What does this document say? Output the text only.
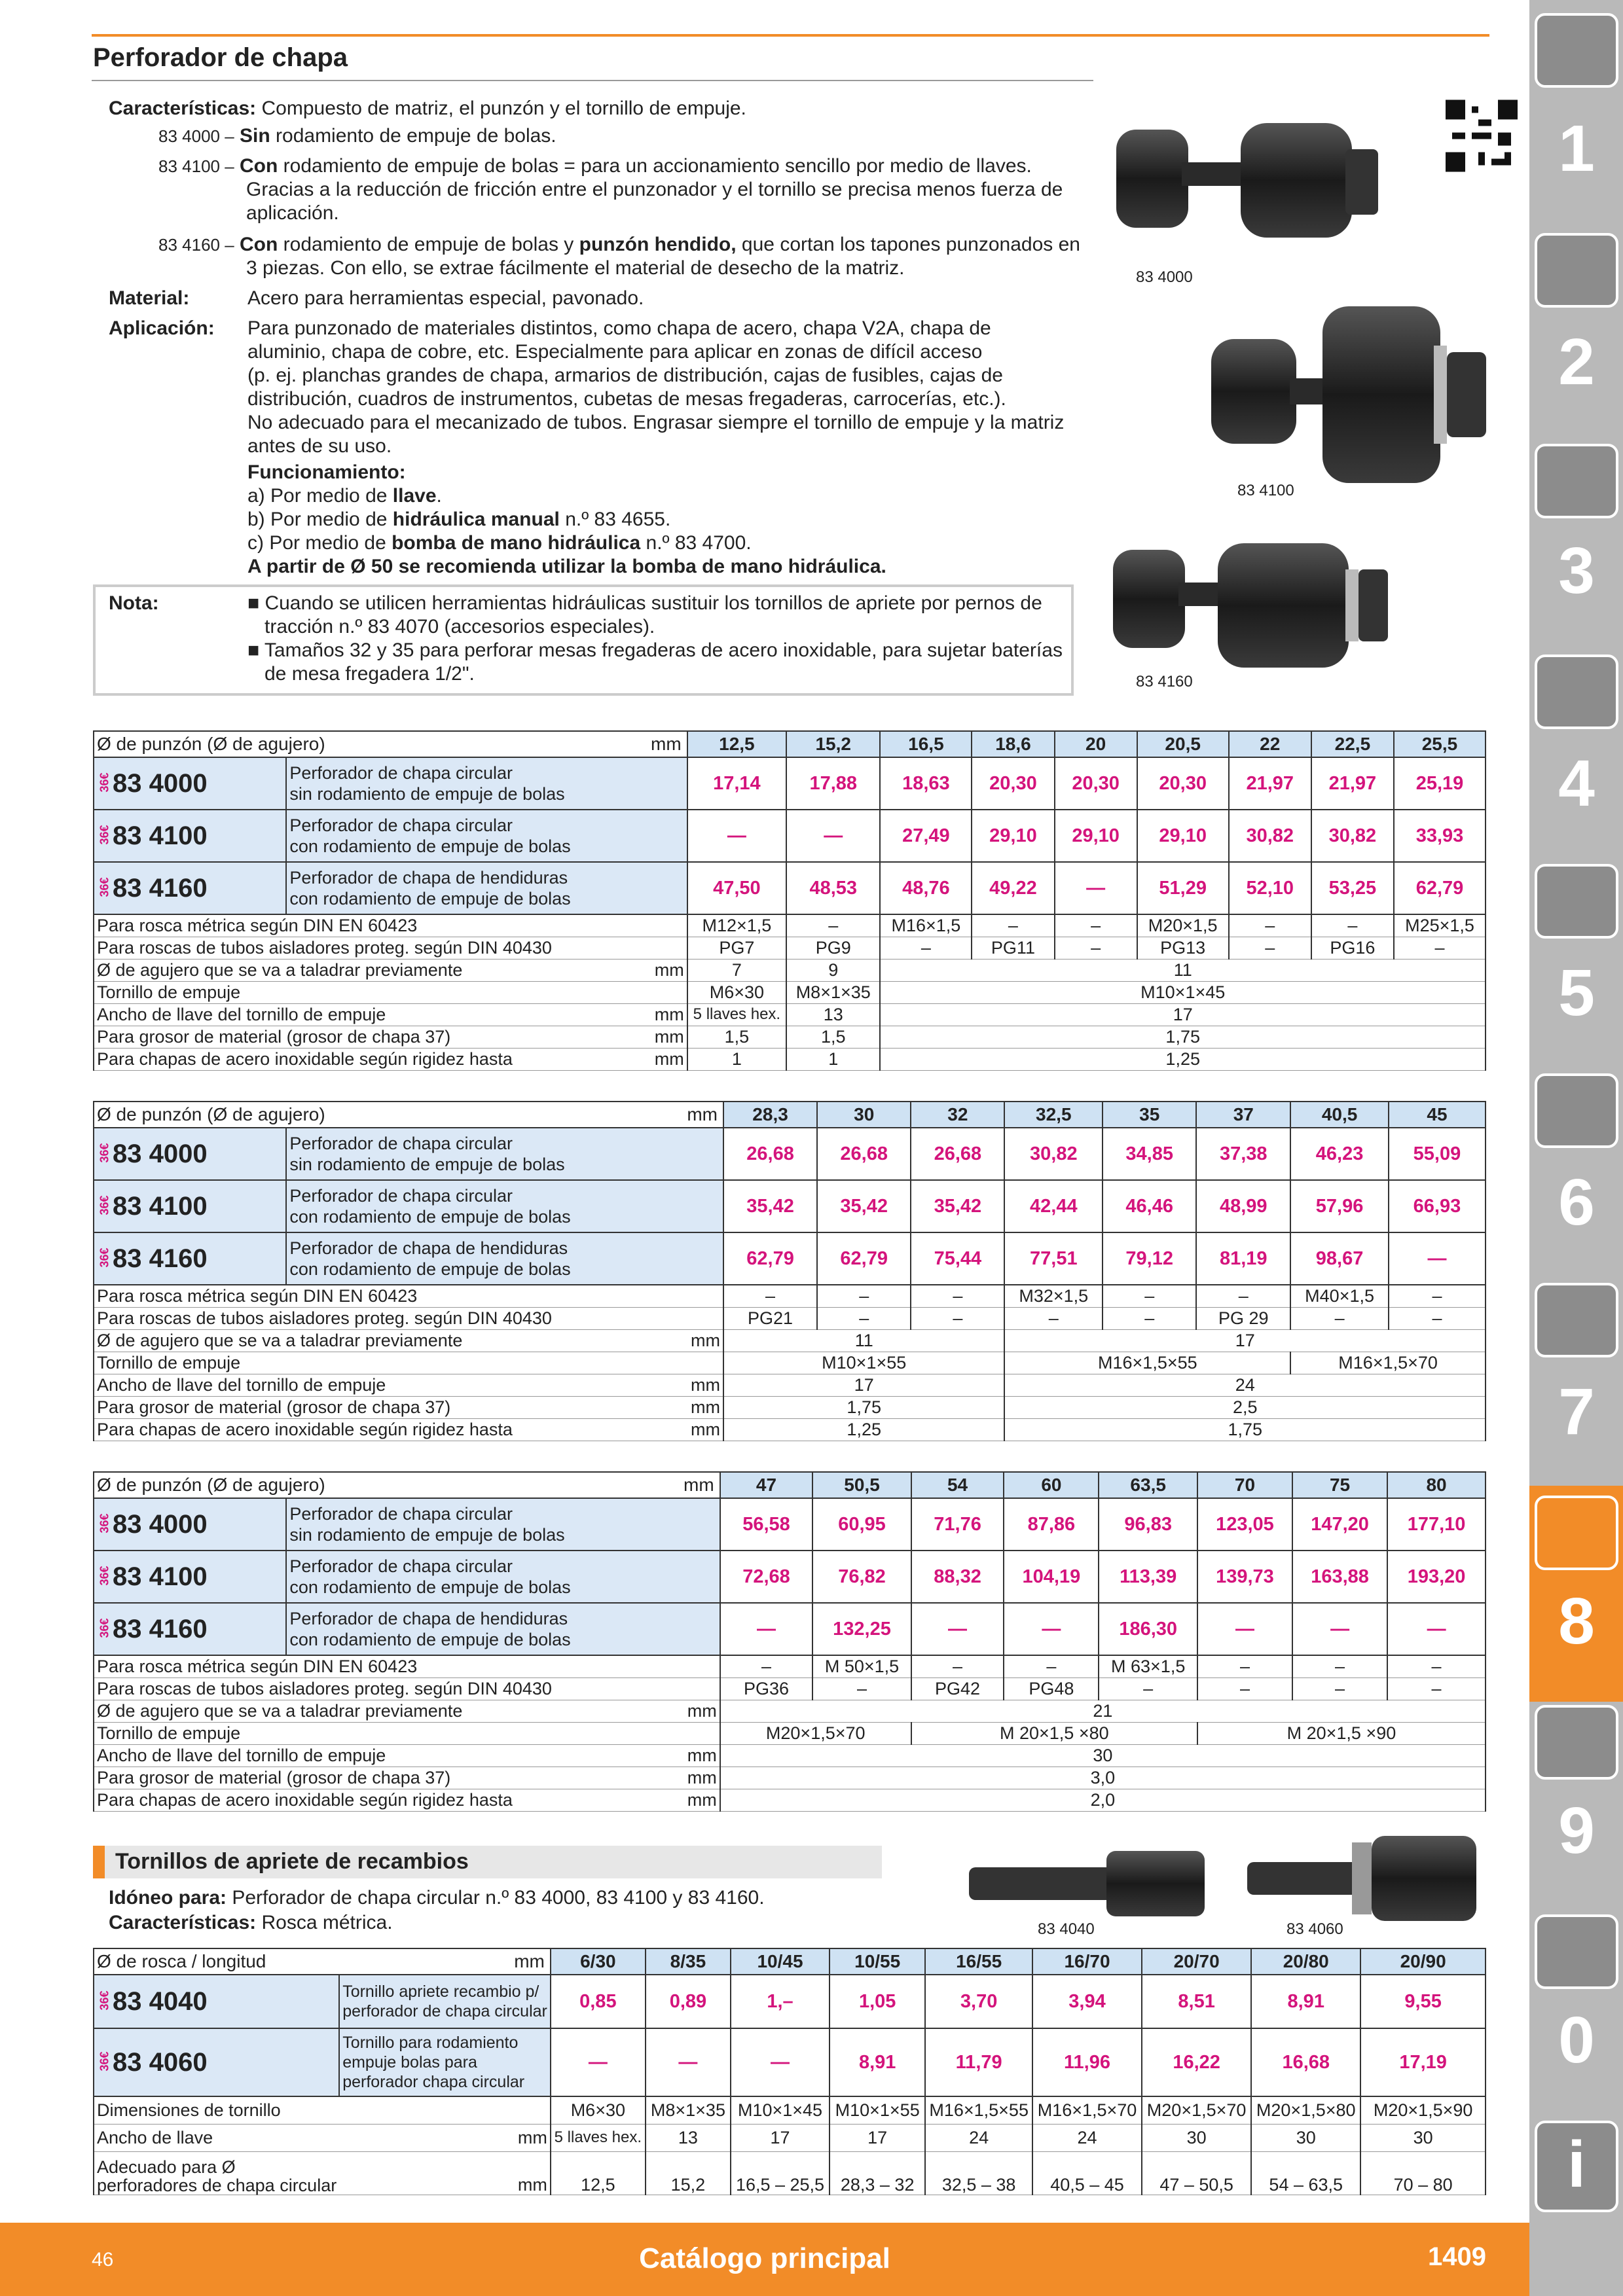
Perforador de chapa
Características: Compuesto de matriz, el punzón y el tornillo de empuje.
83 4000 – Sin rodamiento de empuje de bolas.
83 4100 – Con rodamiento de empuje de bolas = para un accionamiento sencillo por medio de llaves.
Gracias a la reducción de fricción entre el punzonador y el tornillo se precisa menos fuerza de
aplicación.
83 4160 – Con rodamiento de empuje de bolas y punzón hendido, que cortan los tapones punzonados en
3 piezas. Con ello, se extrae fácilmente el material de desecho de la matriz.
Material:	Acero para herramientas especial, pavonado.
Aplicación: Para punzonado de materiales distintos, como chapa de acero, chapa V2A, chapa de
aluminio, chapa de cobre, etc. Especialmente para aplicar en zonas de difícil acceso
(p. ej. planchas grandes de chapa, armarios de distribución, cajas de fusibles, cajas de
distribución, cuadros de instrumentos, cubetas de mesas fregaderas, carrocerías, etc.).
No adecuado para el mecanizado de tubos. Engrasar siempre el tornillo de empuje y la matriz
antes de su uso.
Funcionamiento:
a) Por medio de llave.
b) Por medio de hidráulica manual n.º 83 4655.
c) Por medio de bomba de mano hidráulica n.º 83 4700.
A partir de Ø 50 se recomienda utilizar la bomba de mano hidráulica.
Nota:	■ Cuando se utilicen herramientas hidráulicas sustituir los tornillos de apriete por pernos de
tracción n.º 83 4070 (accesorios especiales).
■ Tamaños 32 y 35 para perforar mesas fregaderas de acero inoxidable, para sujetar baterías
de mesa fregadera 1/2".
83 4000
83 4100
83 4160
83 4040	83 4060
Ø de punzón (Ø de agujero) mm			12,5	15,2	16,5	18,6	20	20,5	22	22,5	25,5
36€83 4000	Perforador de chapa circular
sin rodamiento de empuje de bolas		17,14	17,88	18,63	20,30	20,30	20,30	21,97	21,97	25,19
36€83 4100	Perforador de chapa circular
con rodamiento de empuje de bolas		—	—	27,49	29,10	29,10	29,10	30,82	30,82	33,93
36€83 4160	Perforador de chapa de hendiduras
con rodamiento de empuje de bolas		47,50	48,53	48,76	49,22	—	51,29	52,10	53,25	62,79
Para rosca métrica según DIN EN 60423			M12×1,5	–	M16×1,5	–	–	M20×1,5	–	–	M25×1,5
Para roscas de tubos aisladores proteg. según DIN 40430			PG7	PG9	–	PG11	–	PG13	–	PG16	–
Ø de agujero que se va a taladrar previamente		mm	7	9	11						
Tornillo de empuje			M6×30	M8×1×35	M10×1×45						
Ancho de llave del tornillo de empuje		mm	5 llaves hex.	13	17						
Para grosor de material (grosor de chapa 37)		mm	1,5	1,5	1,75						
Para chapas de acero inoxidable según rigidez hasta		mm	1	1	1,25						
Ø de punzón (Ø de agujero) mm			28,3	30	32	32,5	35	37	40,5	45
36€83 4000	Perforador de chapa circular
sin rodamiento de empuje de bolas		26,68	26,68	26,68	30,82	34,85	37,38	46,23	55,09
36€83 4100	Perforador de chapa circular
con rodamiento de empuje de bolas		35,42	35,42	35,42	42,44	46,46	48,99	57,96	66,93
36€83 4160	Perforador de chapa de hendiduras
con rodamiento de empuje de bolas		62,79	62,79	75,44	77,51	79,12	81,19	98,67	—
Para rosca métrica según DIN EN 60423			–	–	–	M32×1,5	–	–	M40×1,5	–
Para roscas de tubos aisladores proteg. según DIN 40430			PG21	–	–	–	–	PG 29	–	–
Ø de agujero que se va a taladrar previamente		mm	11			17				
Tornillo de empuje			M10×1×55			M16×1,5×55			M16×1,5×70	
Ancho de llave del tornillo de empuje		mm	17			24				
Para grosor de material (grosor de chapa 37)		mm	1,75			2,5				
Para chapas de acero inoxidable según rigidez hasta		mm	1,25			1,75				
Ø de punzón (Ø de agujero) mm			47	50,5	54	60	63,5	70	75	80
36€83 4000	Perforador de chapa circular
sin rodamiento de empuje de bolas		56,58	60,95	71,76	87,86	96,83	123,05	147,20	177,10
36€83 4100	Perforador de chapa circular
con rodamiento de empuje de bolas		72,68	76,82	88,32	104,19	113,39	139,73	163,88	193,20
36€83 4160	Perforador de chapa de hendiduras
con rodamiento de empuje de bolas		—	132,25	—	—	186,30	—	—	—
Para rosca métrica según DIN EN 60423			–	M 50×1,5	–	–	M 63×1,5	–	–	–
Para roscas de tubos aisladores proteg. según DIN 40430			PG36	–	PG42	PG48	–	–	–	–
Ø de agujero que se va a taladrar previamente		mm	21							
Tornillo de empuje			M20×1,5×70		M 20×1,5 ×80			M 20×1,5 ×90		
Ancho de llave del tornillo de empuje		mm	30							
Para grosor de material (grosor de chapa 37)		mm	3,0							
Para chapas de acero inoxidable según rigidez hasta		mm	2,0							
Tornillos de apriete de recambios
Idóneo para: Perforador de chapa circular n.º 83 4000, 83 4100 y 83 4160.
Características: Rosca métrica.
Ø de rosca / longitud mm		6/30	8/35	10/45	10/55	16/55	16/70	20/70	20/80	20/90
36€83 4040	Tornillo apriete recambio p/
perforador de chapa circular	0,85	0,89	1,–	1,05	3,70	3,94	8,51	8,91	9,55
36€83 4060	Tornillo para rodamiento
empuje bolas para
perforador chapa circular	—	—	—	8,91	11,79	11,96	16,22	16,68	17,19
Dimensiones de tornillo		M6×30	M8×1×35	M10×1×45	M10×1×55	M16×1,5×55	M16×1,5×70	M20×1,5×70	M20×1,5×80	M20×1,5×90
Ancho de llave	mm	5 llaves hex.	13	17	17	24	24	30	30	30

Adecuado para Ø
perforadores de chapa circular	mm	12,5	15,2	16,5 – 25,5	28,3 – 32	32,5 – 38	40,5 – 45	47 – 50,5	54 – 63,5	70 – 80
1
2
3
4
5
6
7
8
9
0
i
46	Catálogo principal	1409
